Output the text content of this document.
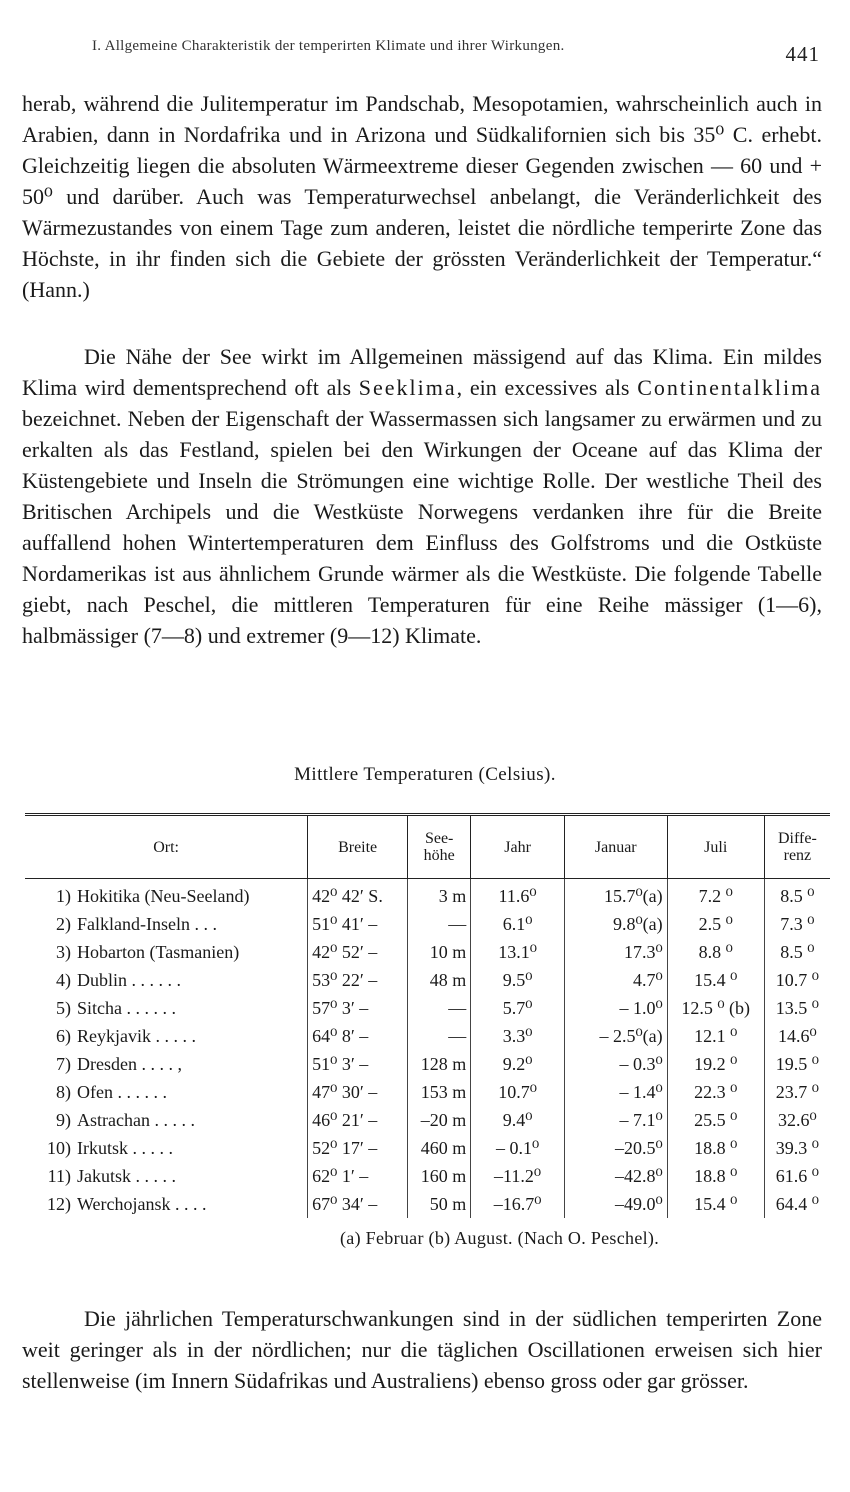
I. Allgemeine Charakteristik der temperirten Klimate und ihrer Wirkungen.	441

herab, während die Julitemperatur im Pandschab, Mesopotamien, wahrscheinlich auch in Arabien, dann in Nordafrika und in Arizona und Südkalifornien sich bis 35⁰ C. erhebt. Gleichzeitig liegen die absoluten Wärmeextreme dieser Gegenden zwischen — 60 und + 50⁰ und darüber. Auch was Temperaturwechsel anbelangt, die Veränderlichkeit des Wärmezustandes von einem Tage zum anderen, leistet die nördliche temperirte Zone das Höchste, in ihr finden sich die Gebiete der grössten Veränderlichkeit der Temperatur.“ (Hann.)

Die Nähe der See wirkt im Allgemeinen mässigend auf das Klima. Ein mildes Klima wird dementsprechend oft als Seeklima, ein excessives als Continentalklima bezeichnet. Neben der Eigenschaft der Wassermassen sich langsamer zu erwärmen und zu erkalten als das Festland, spielen bei den Wirkungen der Oceane auf das Klima der Küstengebiete und Inseln die Strömungen eine wichtige Rolle. Der westliche Theil des Britischen Archipels und die Westküste Norwegens verdanken ihre für die Breite auffallend hohen Wintertemperaturen dem Einfluss des Golfstroms und die Ostküste Nordamerikas ist aus ähnlichem Grunde wärmer als die Westküste. Die folgende Tabelle giebt, nach Peschel, die mittleren Temperaturen für eine Reihe mässiger (1—6), halbmässiger (7—8) und extremer (9—12) Klimate.

Mittlere Temperaturen (Celsius).
Ort:	Breite	See-
höhe	Jahr	Januar	Juli	Diffe-
renz
1) Hokitika (Neu-Seeland)	42⁰ 42′ S.	3 m	11.6⁰	15.7⁰(a)	7.2 ⁰	8.5 ⁰
2) Falkland-Inseln . . .	51⁰ 41′ –	—	6.1⁰	9.8⁰(a)	2.5 ⁰	7.3 ⁰
3) Hobarton (Tasmanien)	42⁰ 52′ –	10 m	13.1⁰	17.3⁰	8.8 ⁰	8.5 ⁰
4) Dublin . . . . . .	53⁰ 22′ –	48 m	9.5⁰	4.7⁰	15.4 ⁰	10.7 ⁰
5) Sitcha . . . . . .	57⁰ 3′ –	—	5.7⁰	– 1.0⁰	12.5 ⁰ (b)	13.5 ⁰
6) Reykjavik . . . . .	64⁰ 8′ –	—	3.3⁰	– 2.5⁰(a)	12.1 ⁰	14.6⁰
7) Dresden . . . . ,	51⁰ 3′ –	128 m	9.2⁰	– 0.3⁰	19.2 ⁰	19.5 ⁰
8) Ofen . . . . . .	47⁰ 30′ –	153 m	10.7⁰	– 1.4⁰	22.3 ⁰	23.7 ⁰
9) Astrachan . . . . .	46⁰ 21′ –	–20 m	9.4⁰	– 7.1⁰	25.5 ⁰	32.6⁰
10) Irkutsk . . . . .	52⁰ 17′ –	460 m	– 0.1⁰	–20.5⁰	18.8 ⁰	39.3 ⁰
11) Jakutsk . . . . .	62⁰ 1′ –	160 m	–11.2⁰	–42.8⁰	18.8 ⁰	61.6 ⁰
12) Werchojansk . . . .	67⁰ 34′ –	50 m	–16.7⁰	–49.0⁰	15.4 ⁰	64.4 ⁰
(a) Februar (b) August. (Nach O. Peschel).

Die jährlichen Temperaturschwankungen sind in der südlichen temperirten Zone weit geringer als in der nördlichen; nur die täglichen Oscillationen erweisen sich hier stellenweise (im Innern Südafrikas und Australiens) ebenso gross oder gar grösser.
